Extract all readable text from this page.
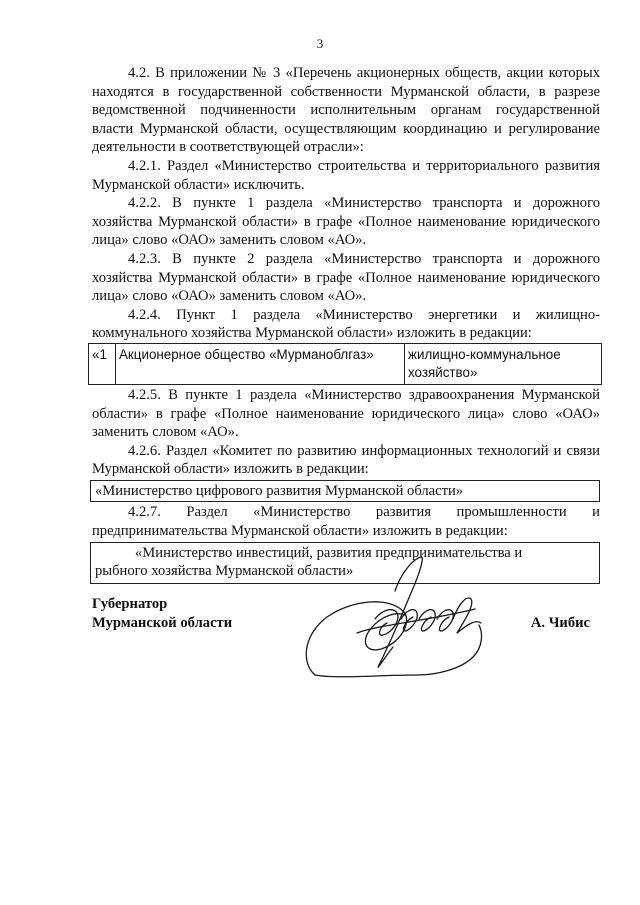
3

4.2. В приложении № 3 «Перечень акционерных обществ, акции которых находятся в государственной собственности Мурманской области, в разрезе ведомственной подчиненности исполнительным органам государственной власти Мурманской области, осуществляющим координацию и регулирование деятельности в соответствующей отрасли»:

4.2.1. Раздел «Министерство строительства и территориального развития Мурманской области» исключить.

4.2.2. В пункте 1 раздела «Министерство транспорта и дорожного хозяйства Мурманской области» в графе «Полное наименование юридического лица» слово «ОАО» заменить словом «АО».

4.2.3. В пункте 2 раздела «Министерство транспорта и дорожного хозяйства Мурманской области» в графе «Полное наименование юридического лица» слово «ОАО» заменить словом «АО».

4.2.4. Пункт 1 раздела «Министерство энергетики и жилищно-коммунального хозяйства Мурманской области» изложить в редакции:

«1	Акционерное общество «Мурманоблгаз»	жилищно-коммунальное хозяйство»

4.2.5. В пункте 1 раздела «Министерство здравоохранения Мурманской области» в графе «Полное наименование юридического лица» слово «ОАО» заменить словом «АО».

4.2.6. Раздел «Комитет по развитию информационных технологий и связи Мурманской области» изложить в редакции:

«Министерство цифрового развития Мурманской области»

4.2.7. Раздел «Министерство развития промышленности и предпринимательства Мурманской области» изложить в редакции:

«Министерство инвестиций, развития предпринимательства и
рыбного хозяйства Мурманской области»
Губернатор
Мурманской области	А. Чибис
